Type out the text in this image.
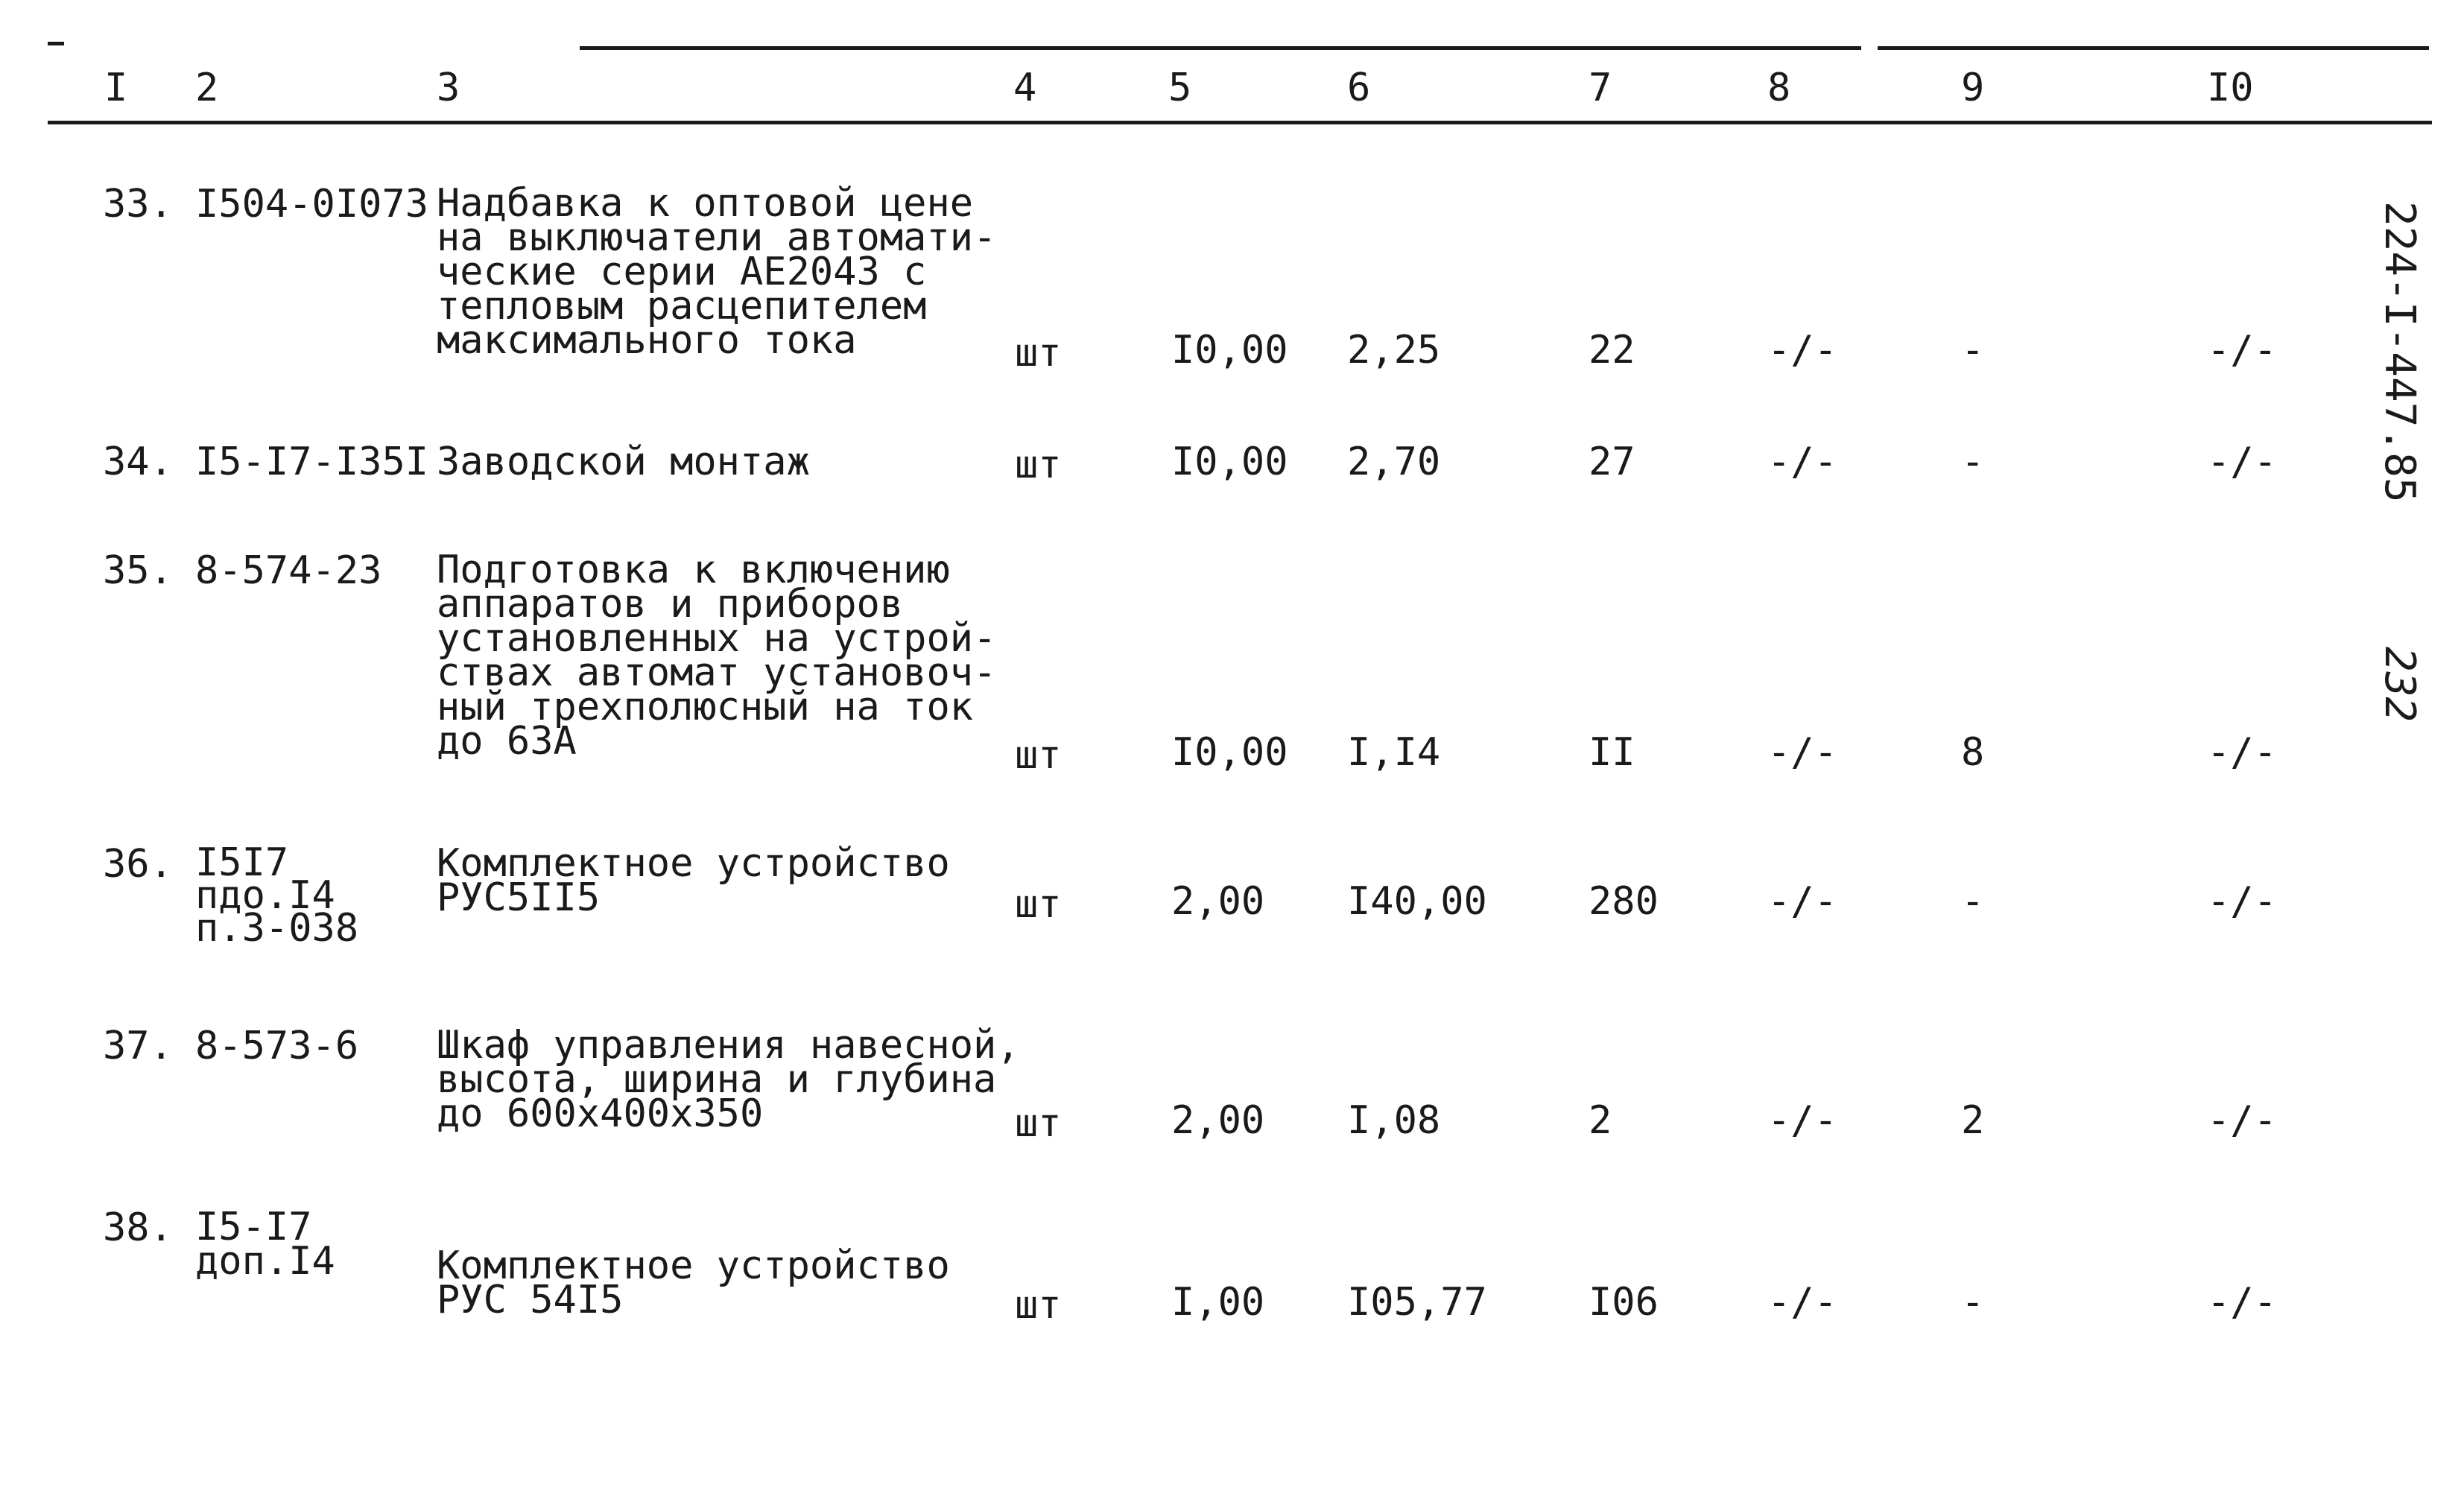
I 2	3	4	5	6	7	8	9	I0
33. I504-0I073 Надбавка к оптовой цене
на выключатели автомати-
ческие серии АЕ2043 с
тепловым расцепителем
максимального тока	шт	I0,00 2,25	22	-/-	-	-/-
34. I5-I7-I35I Заводской монтаж	шт	I0,00 2,70	27	-/-	-	-/-
35. 8-574-23 Подготовка к включению
аппаратов и приборов
установленных на устрой-
ствах автомат установоч-
ный трехполюсный на ток
до 63А	шт	I0,00 I,I4	II	-/-	8	-/-
36. I5I7
пдо.I4
п.3-038
Комплектное устройство
РУС5II5	шт	2,00 I40,00	280	-/-	-	-/-
37. 8-573-6 Шкаф управления навесной,
высота, ширина и глубина
до 600x400x350	шт	2,00 I,08	2	-/-	2	-/-
38. I5-I7
доп.I4	Комплектное устройство
РУС 54I5	шт	I,00 I05,77	I06	-/-	-	-/-
224-I-447.85
232
